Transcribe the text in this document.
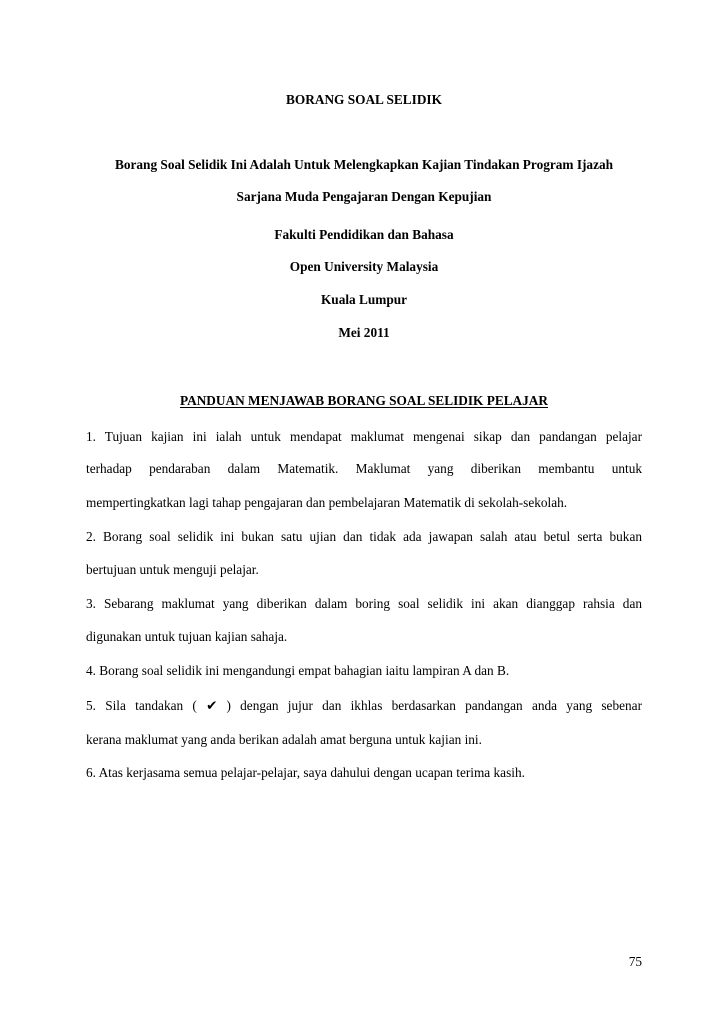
BORANG SOAL SELIDIK
Borang Soal Selidik Ini Adalah Untuk Melengkapkan Kajian Tindakan Program Ijazah
Sarjana Muda Pengajaran Dengan Kepujian
Fakulti Pendidikan dan Bahasa
Open University Malaysia
Kuala Lumpur
Mei 2011
PANDUAN MENJAWAB BORANG SOAL SELIDIK PELAJAR
1. Tujuan kajian ini ialah untuk mendapat maklumat mengenai sikap dan pandangan pelajar
terhadap pendaraban dalam Matematik. Maklumat yang diberikan membantu untuk
mempertingkatkan lagi tahap pengajaran dan pembelajaran Matematik di sekolah-sekolah.
2. Borang soal selidik ini bukan satu ujian dan tidak ada jawapan salah atau betul serta bukan
bertujuan untuk menguji pelajar.
3. Sebarang maklumat yang diberikan dalam boring soal selidik ini akan dianggap rahsia dan
digunakan untuk tujuan kajian sahaja.
4. Borang soal selidik ini mengandungi empat bahagian iaitu lampiran A dan B.
5. Sila tandakan ( ✔ ) dengan jujur dan ikhlas berdasarkan pandangan anda yang sebenar
kerana maklumat yang anda berikan adalah amat berguna untuk kajian ini.
6. Atas kerjasama semua pelajar-pelajar, saya dahului dengan ucapan terima kasih.
75
